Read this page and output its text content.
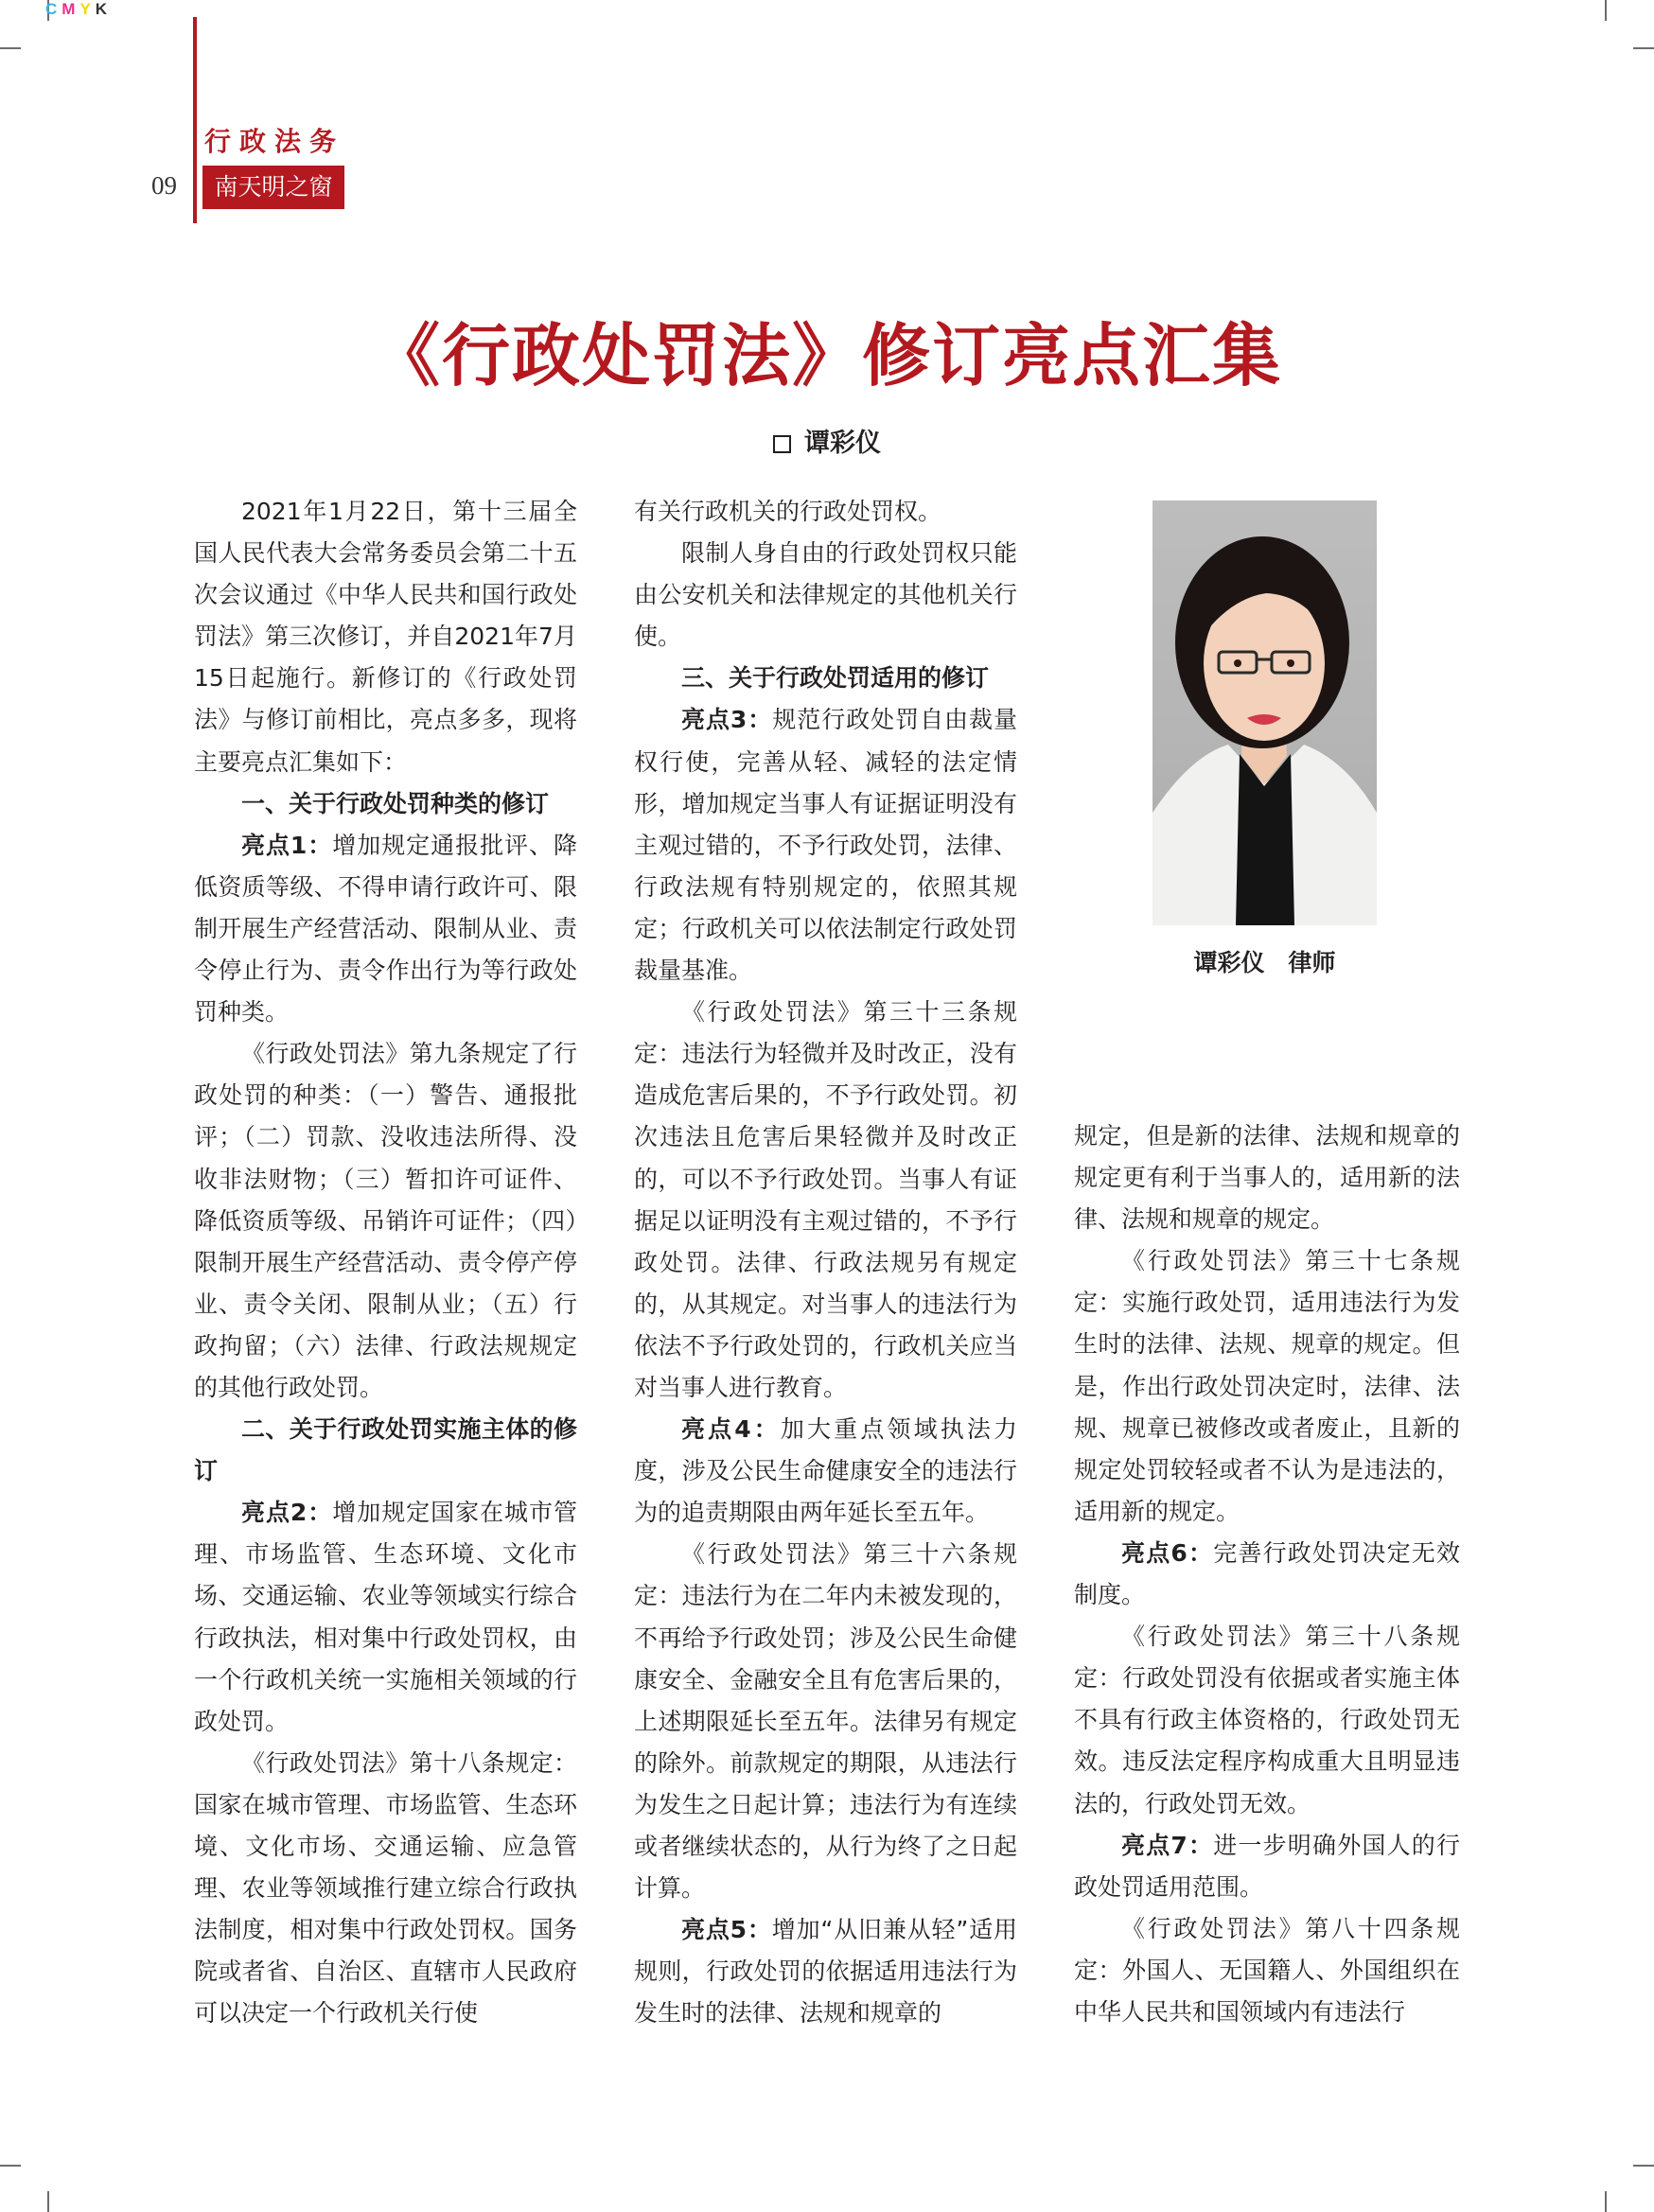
CMYK
行政法务
09	南天明之窗
《行政处罚法》修订亮点汇集
谭彩仪

2021年1月22日，第十三届全国人民代表大会常务委员会第二十五次会议通过《中华人民共和国行政处罚法》第三次修订，并自2021年7月15日起施行。新修订的《行政处罚法》与修订前相比，亮点多多，现将主要亮点汇集如下：

一、关于行政处罚种类的修订

亮点1：增加规定通报批评、降低资质等级、不得申请行政许可、限制开展生产经营活动、限制从业、责令停止行为、责令作出行为等行政处罚种类。

《行政处罚法》第九条规定了行政处罚的种类：（一）警告、通报批评；（二）罚款、没收违法所得、没收非法财物；（三）暂扣许可证件、降低资质等级、吊销许可证件；（四）限制开展生产经营活动、责令停产停业、责令关闭、限制从业；（五）行政拘留；（六）法律、行政法规规定的其他行政处罚。

二、关于行政处罚实施主体的修订

亮点2：增加规定国家在城市管理、市场监管、生态环境、文化市场、交通运输、农业等领域实行综合行政执法，相对集中行政处罚权，由一个行政机关统一实施相关领域的行政处罚。

《行政处罚法》第十八条规定：国家在城市管理、市场监管、生态环境、文化市场、交通运输、应急管理、农业等领域推行建立综合行政执法制度，相对集中行政处罚权。国务院或者省、自治区、直辖市人民政府可以决定一个行政机关行使

有关行政机关的行政处罚权。

限制人身自由的行政处罚权只能由公安机关和法律规定的其他机关行使。

三、关于行政处罚适用的修订

亮点3：规范行政处罚自由裁量权行使，完善从轻、减轻的法定情形，增加规定当事人有证据证明没有主观过错的，不予行政处罚，法律、行政法规有特别规定的，依照其规定；行政机关可以依法制定行政处罚裁量基准。

《行政处罚法》第三十三条规定：违法行为轻微并及时改正，没有造成危害后果的，不予行政处罚。初次违法且危害后果轻微并及时改正的，可以不予行政处罚。当事人有证据足以证明没有主观过错的，不予行政处罚。法律、行政法规另有规定的，从其规定。对当事人的违法行为依法不予行政处罚的，行政机关应当对当事人进行教育。

亮点4：加大重点领域执法力度，涉及公民生命健康安全的违法行为的追责期限由两年延长至五年。

《行政处罚法》第三十六条规定：违法行为在二年内未被发现的，不再给予行政处罚；涉及公民生命健康安全、金融安全且有危害后果的，上述期限延长至五年。法律另有规定的除外。前款规定的期限，从违法行为发生之日起计算；违法行为有连续或者继续状态的，从行为终了之日起计算。

亮点5：增加“从旧兼从轻”适用规则，行政处罚的依据适用违法行为发生时的法律、法规和规章的

谭彩仪　律师

规定，但是新的法律、法规和规章的规定更有利于当事人的，适用新的法律、法规和规章的规定。

《行政处罚法》第三十七条规定：实施行政处罚，适用违法行为发生时的法律、法规、规章的规定。但是，作出行政处罚决定时，法律、法规、规章已被修改或者废止，且新的规定处罚较轻或者不认为是违法的，适用新的规定。

亮点6：完善行政处罚决定无效制度。

《行政处罚法》第三十八条规定：行政处罚没有依据或者实施主体不具有行政主体资格的，行政处罚无效。违反法定程序构成重大且明显违法的，行政处罚无效。

亮点7：进一步明确外国人的行政处罚适用范围。

《行政处罚法》第八十四条规定：外国人、无国籍人、外国组织在中华人民共和国领域内有违法行
